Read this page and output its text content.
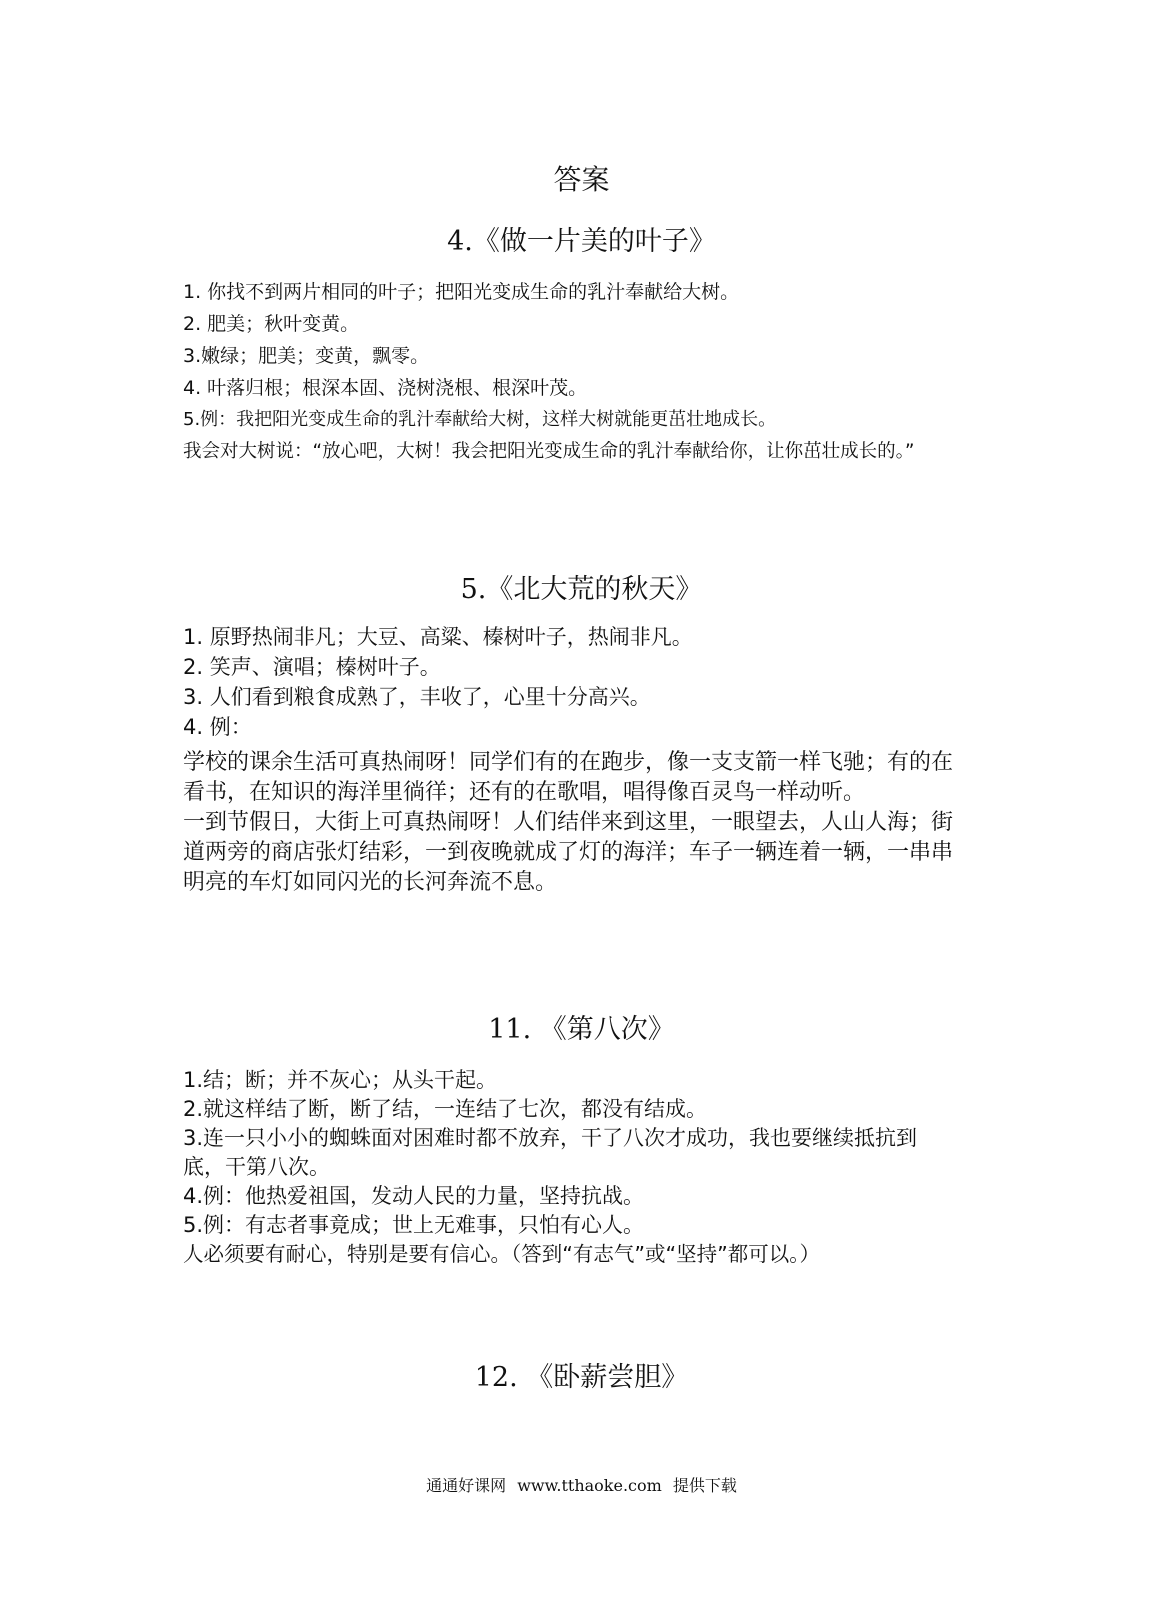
答案
4.《做一片美的叶子》

1. 你找不到两片相同的叶子；把阳光变成生命的乳汁奉献给大树。

2. 肥美；秋叶变黄。

3.嫩绿；肥美；变黄，飘零。

4. 叶落归根；根深本固、浇树浇根、根深叶茂。

5.例：我把阳光变成生命的乳汁奉献给大树，这样大树就能更茁壮地成长。

我会对大树说：“放心吧，大树！我会把阳光变成生命的乳汁奉献给你，让你茁壮成长的。”

5.《北大荒的秋天》

1. 原野热闹非凡；大豆、高粱、榛树叶子，热闹非凡。

2. 笑声、演唱；榛树叶子。

3. 人们看到粮食成熟了，丰收了，心里十分高兴。

4. 例：

学校的课余生活可真热闹呀！同学们有的在跑步，像一支支箭一样飞驰；有的在看书，在知识的海洋里徜徉；还有的在歌唱，唱得像百灵鸟一样动听。

一到节假日，大街上可真热闹呀！人们结伴来到这里，一眼望去，人山人海；街道两旁的商店张灯结彩，一到夜晚就成了灯的海洋；车子一辆连着一辆，一串串明亮的车灯如同闪光的长河奔流不息。

11. 《第八次》

1.结；断；并不灰心；从头干起。

2.就这样结了断，断了结，一连结了七次，都没有结成。

3.连一只小小的蜘蛛面对困难时都不放弃，干了八次才成功，我也要继续抵抗到底，干第八次。

4.例：他热爱祖国，发动人民的力量，坚持抗战。

5.例：有志者事竟成；世上无难事，只怕有心人。

人必须要有耐心，特别是要有信心。（答到“有志气”或“坚持”都可以。）

12. 《卧薪尝胆》
通通好课网 www.tthaoke.com 提供下载
